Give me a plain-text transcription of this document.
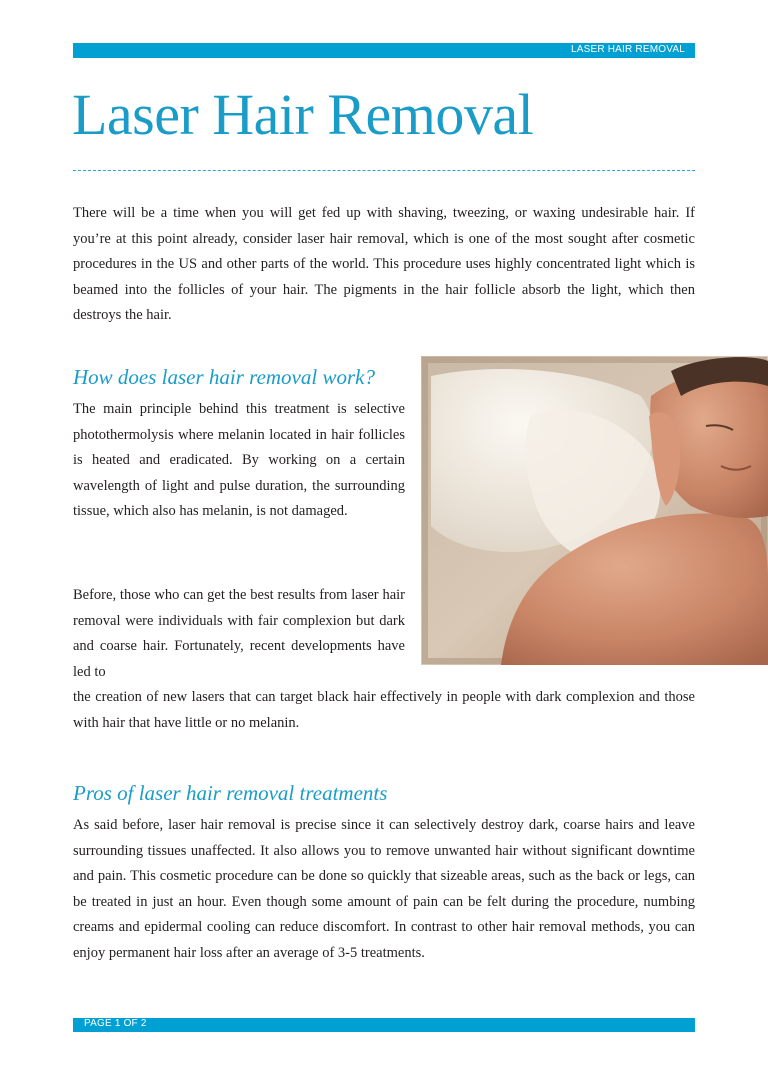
LASER HAIR REMOVAL
Laser Hair Removal

There will be a time when you will get fed up with shaving, tweezing, or waxing undesirable hair. If you’re at this point already, consider laser hair removal, which is one of the most sought after cosmetic procedures in the US and other parts of the world. This procedure uses highly concentrated light which is beamed into the follicles of your hair. The pigments in the hair follicle absorb the light, which then destroys the hair.

How does laser hair removal work?

The main principle behind this treatment is selective photothermolysis where melanin located in hair follicles is heated and eradicated. By working on a certain wavelength of light and pulse duration, the surrounding tissue, which also has melanin, is not damaged.

Before, those who can get the best results from laser hair removal were individuals with fair complexion but dark and coarse hair. Fortunately, recent developments have led to

the creation of new lasers that can target black hair effectively in people with dark complexion and those with hair that have little or no melanin.

Pros of laser hair removal treatments

As said before, laser hair removal is precise since it can selectively destroy dark, coarse hairs and leave surrounding tissues unaffected. It also allows you to remove unwanted hair without significant downtime and pain. This cosmetic procedure can be done so quickly that sizeable areas, such as the back or legs, can be treated in just an hour. Even though some amount of pain can be felt during the procedure, numbing creams and epidermal cooling can reduce discomfort. In contrast to other hair removal methods, you can enjoy permanent hair loss after an average of 3-5 treatments.

PAGE 1 OF 2
